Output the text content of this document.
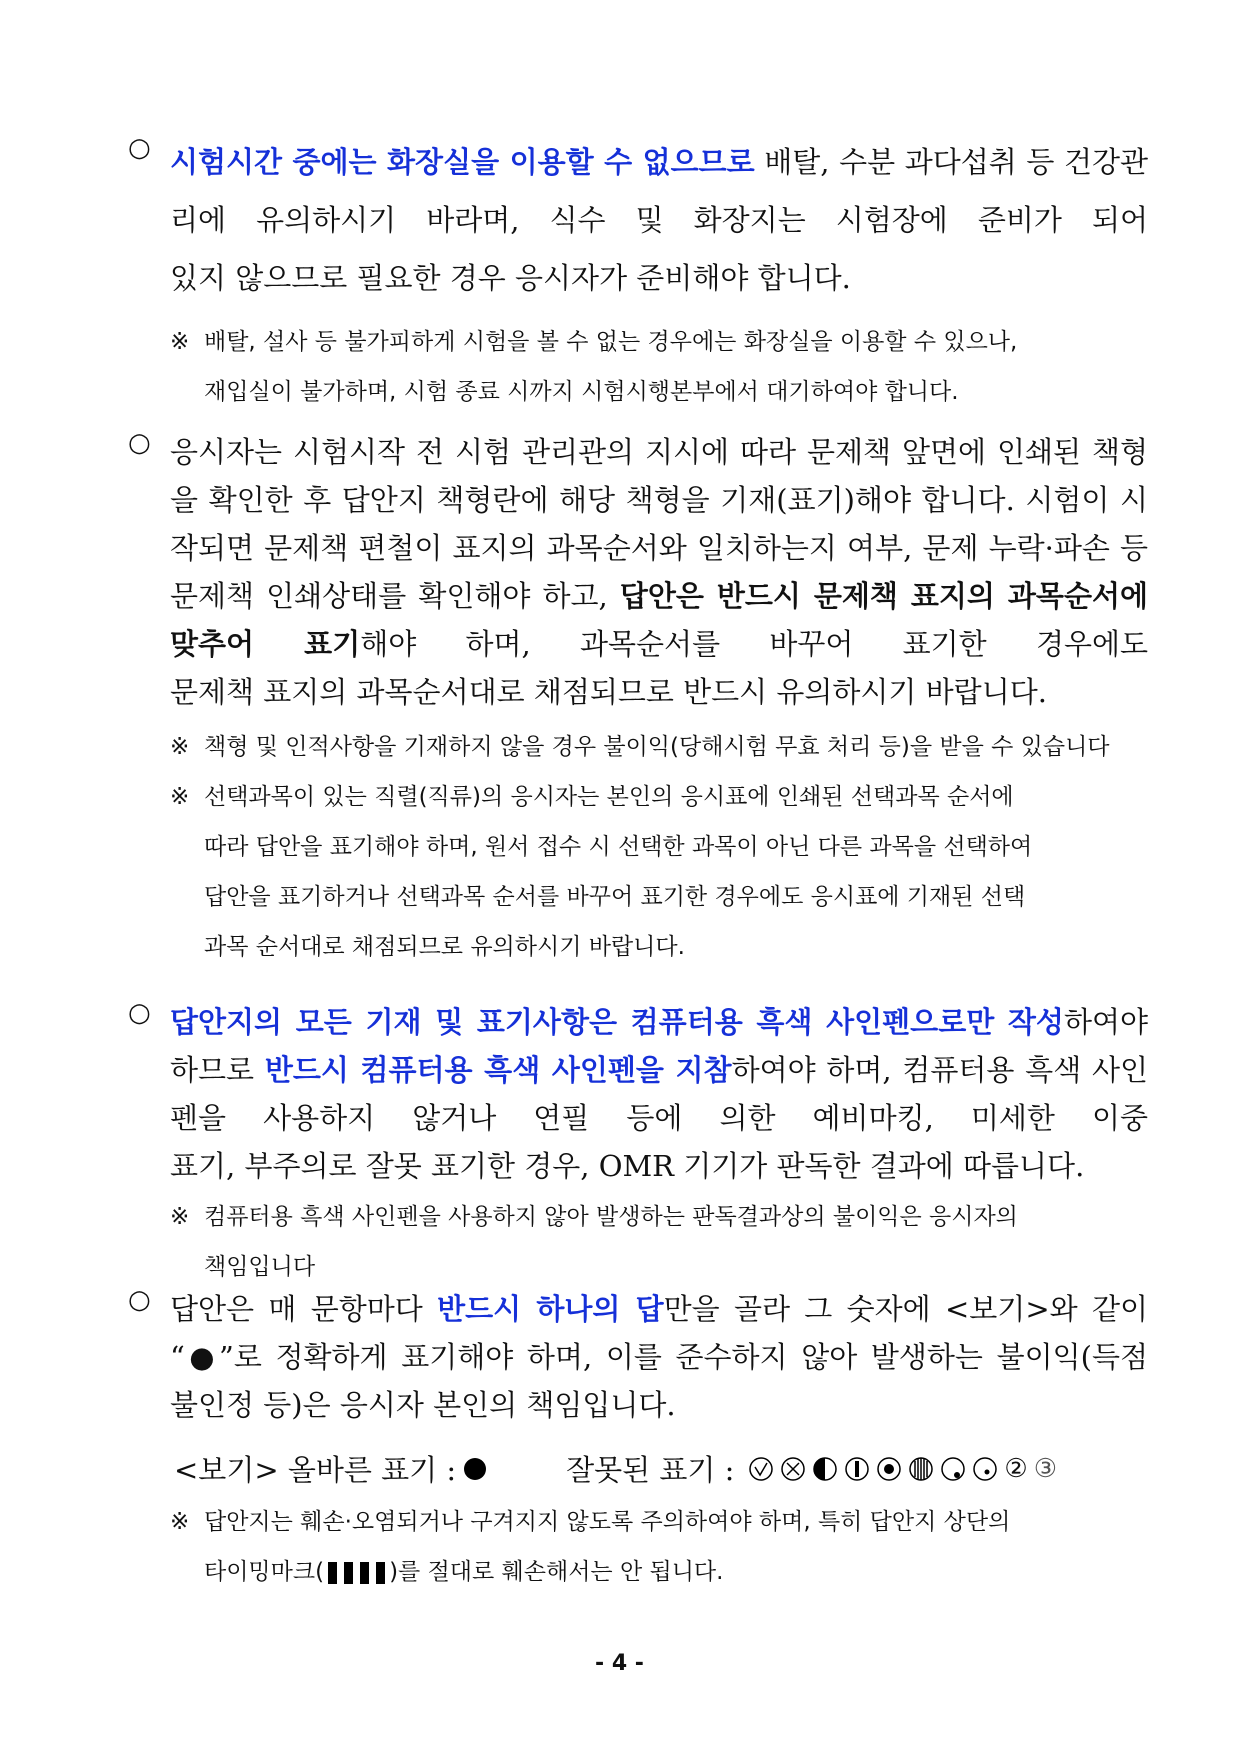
○ 시험시간 중에는 화장실을 이용할 수 없으므로 배탈, 수분 과다섭취 등 건강관리에 유의하시기 바라며, 식수 및 화장지는 시험장에 준비가 되어
있지 않으므로 필요한 경우 응시자가 준비해야 합니다.
※ 배탈, 설사 등 불가피하게 시험을 볼 수 없는 경우에는 화장실을 이용할 수 있으나,
재입실이 불가하며, 시험 종료 시까지 시험시행본부에서 대기하여야 합니다.
○ 응시자는 시험시작 전 시험 관리관의 지시에 따라 문제책 앞면에 인쇄된 책형을 확인한 후 답안지 책형란에 해당 책형을 기재(표기)해야 합니다. 시험이 시작되면 문제책 편철이 표지의 과목순서와 일치하는지 여부, 문제 누락·파손 등 문제책 인쇄상태를 확인해야 하고, 답안은 반드시 문제책 표지의 과목순서에 맞추어 표기해야 하며, 과목순서를 바꾸어 표기한 경우에도
문제책 표지의 과목순서대로 채점되므로 반드시 유의하시기 바랍니다.
※ 책형 및 인적사항을 기재하지 않을 경우 불이익(당해시험 무효 처리 등)을 받을 수 있습니다
※ 선택과목이 있는 직렬(직류)의 응시자는 본인의 응시표에 인쇄된 선택과목 순서에
따라 답안을 표기해야 하며, 원서 접수 시 선택한 과목이 아닌 다른 과목을 선택하여
답안을 표기하거나 선택과목 순서를 바꾸어 표기한 경우에도 응시표에 기재된 선택
과목 순서대로 채점되므로 유의하시기 바랍니다.
○ 답안지의 모든 기재 및 표기사항은 컴퓨터용 흑색 사인펜으로만 작성하여야 하므로 반드시 컴퓨터용 흑색 사인펜을 지참하여야 하며, 컴퓨터용 흑색 사인펜을 사용하지 않거나 연필 등에 의한 예비마킹, 미세한 이중
표기, 부주의로 잘못 표기한 경우, OMR 기기가 판독한 결과에 따릅니다.
※ 컴퓨터용 흑색 사인펜을 사용하지 않아 발생하는 판독결과상의 불이익은 응시자의
책임입니다
○ 답안은 매 문항마다 반드시 하나의 답만을 골라 그 숫자에 <보기>와 같이 “●”로 정확하게 표기해야 하며, 이를 준수하지 않아 발생하는 불이익(득점
불인정 등)은 응시자 본인의 책임입니다.
<보기> 올바른 표기 :	잘못된 표기 :	② ③
※ 답안지는 훼손·오염되거나 구겨지지 않도록 주의하여야 하며, 특히 답안지 상단의
타이밍마크(	)를 절대로 훼손해서는 안 됩니다.
- 4 -
